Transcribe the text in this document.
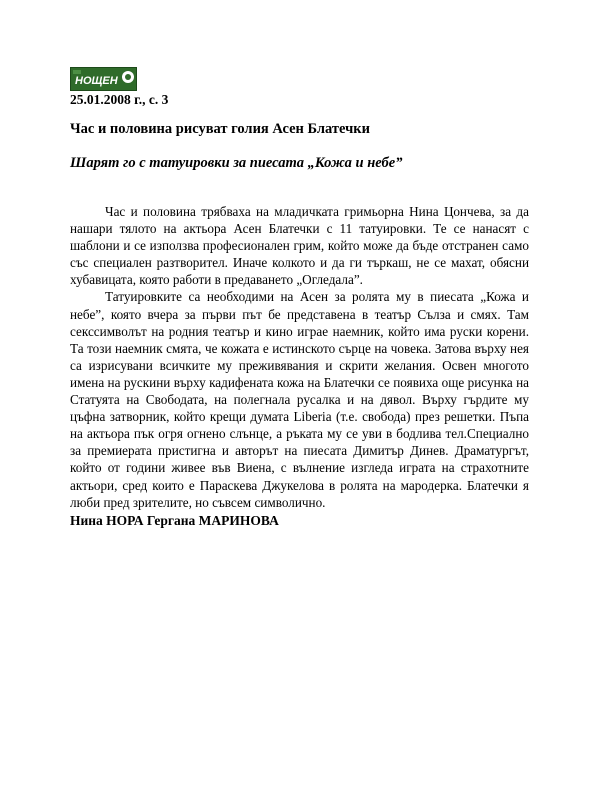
НОЩЕН
25.01.2008 г., с. 3
Час и половина рисуват голия Асен Блатечки
Шарят го с татуировки за пиесата „Кожа и небе”

Час и половина трябваха на младичката гримьорна Нина Цончева, за да нашари тялото на актьора Асен Блатечки с 11 татуировки. Те се нанасят с шаблони и се използва професионален грим, който може да бъде отстранен само със специален разтворител. Иначе колкото и да ги търкаш, не се махат, обясни хубавицата, която работи в предаването „Огледала”.

Татуировките са необходими на Асен за ролята му в пиесата „Кожа и небе”, която вчера за първи път бе представена в театър Сълза и смях. Там секссимволът на родния театър и кино играе наемник, който има руски корени. Та този наемник смята, че кожата е истинското сърце на човека. Затова върху нея са изрисувани всичките му преживявания и скрити желания. Освен многото имена на рускини върху кадифената кожа на Блатечки се появиха още рисунка на Статуята на Свободата, на полегнала русалка и на дявол. Върху гърдите му цъфна затворник, който крещи думата Liberia (т.е. свобода) през решетки. Пъпа на актьора пък огря огнено слънце, а ръката му се уви в бодлива тел.Специално за премиерата пристигна и авторът на пиесата Димитър Динев. Драматургът, който от години живее във Виена, с вълнение изгледа играта на страхотните актьори, сред които е Параскева Джукелова в ролята на мародерка. Блатечки я люби пред зрителите, но съвсем символично.

Нина НОРА Гергана МАРИНОВА
